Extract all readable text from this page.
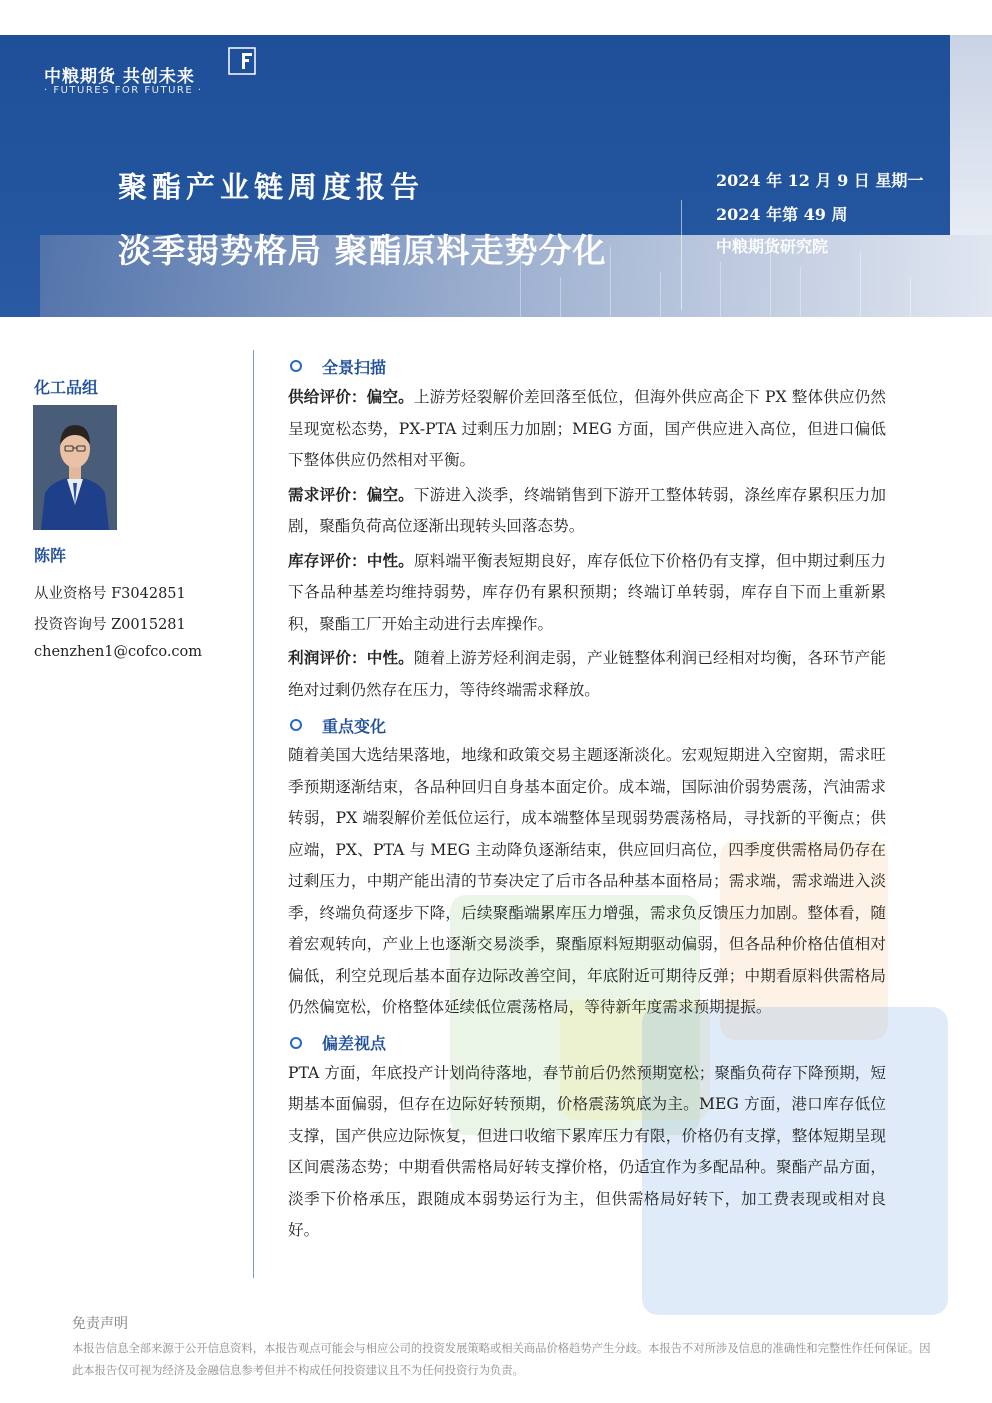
中粮期货 共创未来
· FUTURES FOR FUTURE ·
聚酯产业链周度报告
淡季弱势格局 聚酯原料走势分化
2024 年 12 月 9 日 星期一
2024 年第 49 周
中粮期货研究院
化工品组
陈阵
从业资格号 F3042851
投资咨询号 Z0015281
chenzhen1@cofco.com
全景扫描

供给评价：偏空。上游芳烃裂解价差回落至低位，但海外供应高企下 PX 整体供应仍然呈现宽松态势，PX-PTA 过剩压力加剧；MEG 方面，国产供应进入高位，但进口偏低下整体供应仍然相对平衡。

需求评价：偏空。下游进入淡季，终端销售到下游开工整体转弱，涤丝库存累积压力加剧，聚酯负荷高位逐渐出现转头回落态势。

库存评价：中性。原料端平衡表短期良好，库存低位下价格仍有支撑，但中期过剩压力下各品种基差均维持弱势，库存仍有累积预期；终端订单转弱，库存自下而上重新累积，聚酯工厂开始主动进行去库操作。

利润评价：中性。随着上游芳烃利润走弱，产业链整体利润已经相对均衡，各环节产能绝对过剩仍然存在压力，等待终端需求释放。

重点变化

随着美国大选结果落地，地缘和政策交易主题逐渐淡化。宏观短期进入空窗期，需求旺季预期逐渐结束，各品种回归自身基本面定价。成本端，国际油价弱势震荡，汽油需求转弱，PX 端裂解价差低位运行，成本端整体呈现弱势震荡格局，寻找新的平衡点；供应端，PX、PTA 与 MEG 主动降负逐渐结束，供应回归高位，四季度供需格局仍存在过剩压力，中期产能出清的节奏决定了后市各品种基本面格局；需求端，需求端进入淡季，终端负荷逐步下降，后续聚酯端累库压力增强，需求负反馈压力加剧。整体看，随着宏观转向，产业上也逐渐交易淡季，聚酯原料短期驱动偏弱，但各品种价格估值相对偏低，利空兑现后基本面存边际改善空间，年底附近可期待反弹；中期看原料供需格局仍然偏宽松，价格整体延续低位震荡格局，等待新年度需求预期提振。

偏差视点

PTA 方面，年底投产计划尚待落地，春节前后仍然预期宽松；聚酯负荷存下降预期，短期基本面偏弱，但存在边际好转预期，价格震荡筑底为主。MEG 方面，港口库存低位支撑，国产供应边际恢复，但进口收缩下累库压力有限，价格仍有支撑，整体短期呈现区间震荡态势；中期看供需格局好转支撑价格，仍适宜作为多配品种。聚酯产品方面，淡季下价格承压，跟随成本弱势运行为主，但供需格局好转下，加工费表现或相对良好。

免责声明
本报告信息全部来源于公开信息资料，本报告观点可能会与相应公司的投资发展策略或相关商品价格趋势产生分歧。本报告不对所涉及信息的准确性和完整性作任何保证。因此本报告仅可视为经济及金融信息参考但并不构成任何投资建议且不为任何投资行为负责。
